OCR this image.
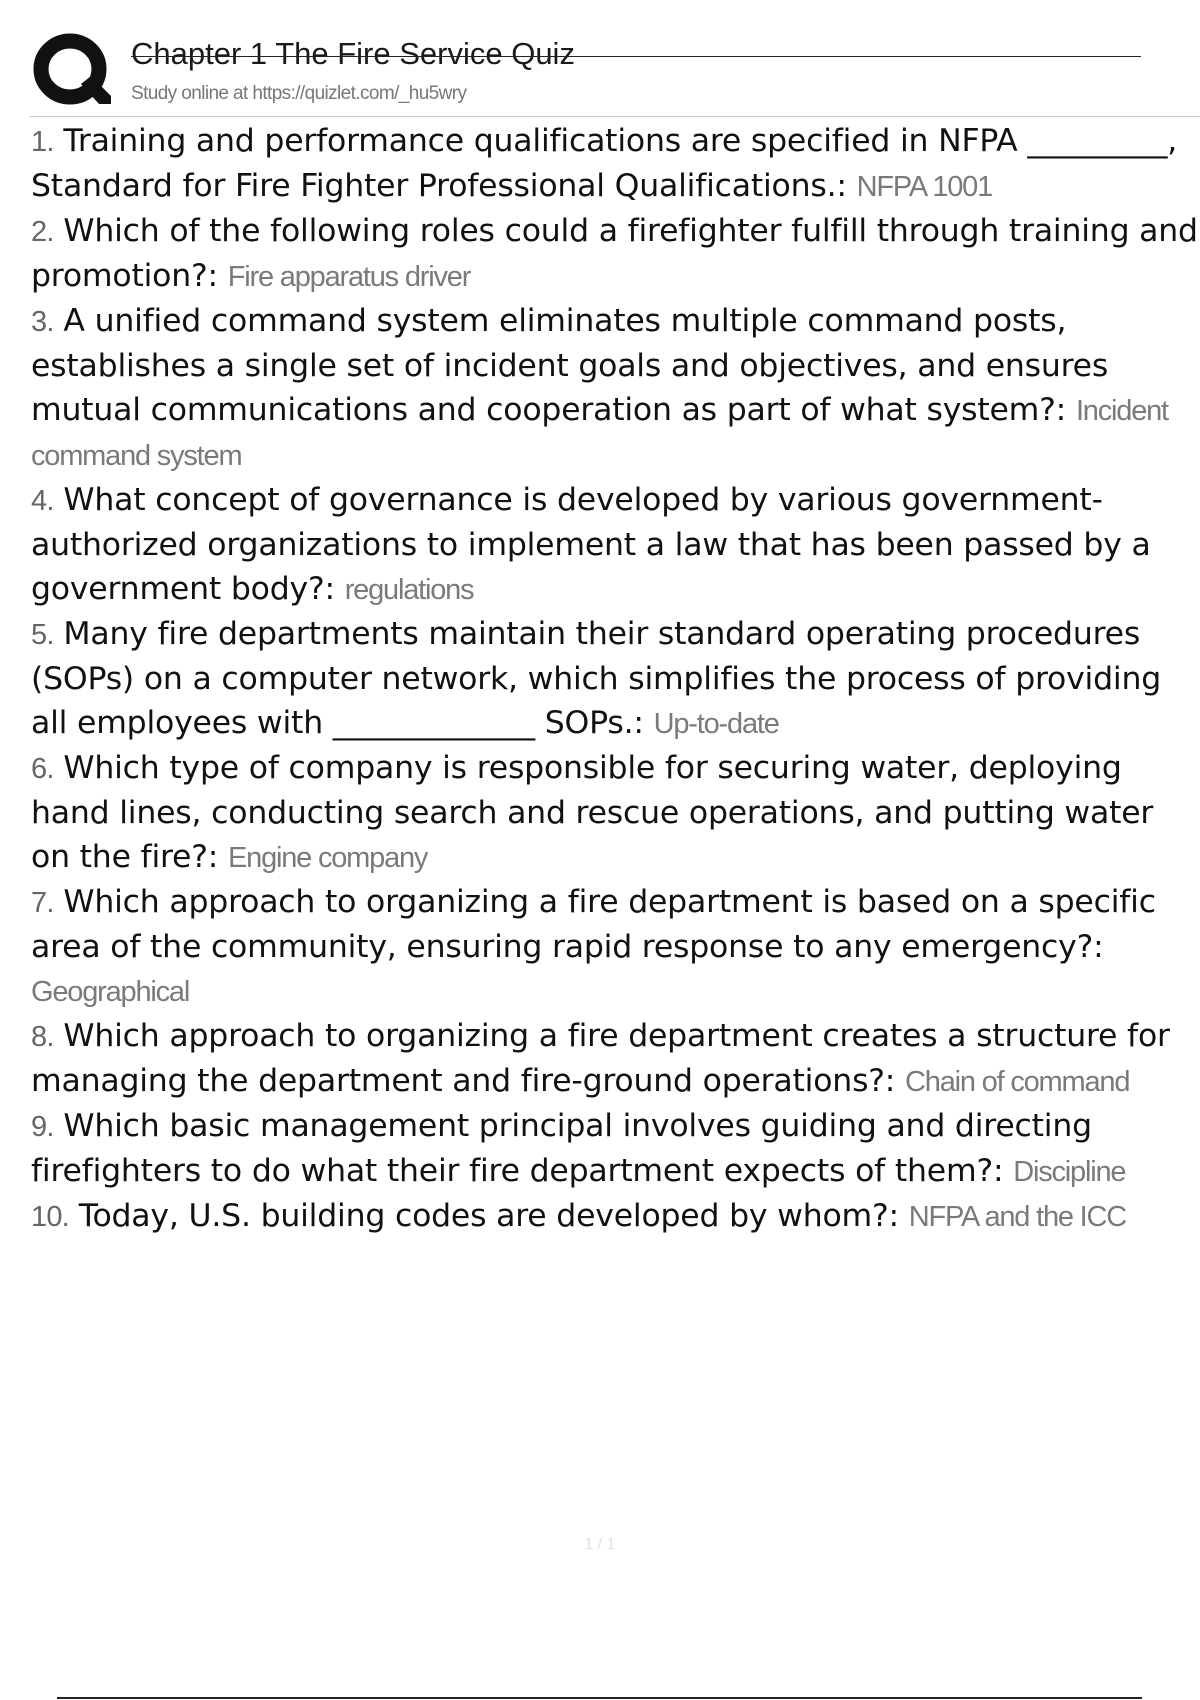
Chapter 1 The Fire Service Quiz
Study online at https://quizlet.com/_hu5wry
1. Training and performance qualifications are specified in NFPA _________, Standard for Fire Fighter Professional Qualifications.: NFPA 1001
2. Which of the following roles could a firefighter fulfill through training and promotion?: Fire apparatus driver
3. A unified command system eliminates multiple command posts, establishes a single set of incident goals and objectives, and ensures mutual communications and cooperation as part of what system?: Incident command system
4. What concept of governance is developed by various government-authorized organizations to implement a law that has been passed by a government body?: regulations
5. Many fire departments maintain their standard operating procedures (SOPs) on a computer network, which simplifies the process of providing all employees with _____________ SOPs.: Up-to-date
6. Which type of company is responsible for securing water, deploying hand lines, conducting search and rescue operations, and putting water on the fire?: Engine company
7. Which approach to organizing a fire department is based on a specific area of the community, ensuring rapid response to any emergency?: Geographical
8. Which approach to organizing a fire department creates a structure for managing the department and fire-ground operations?: Chain of command
9. Which basic management principal involves guiding and directing firefighters to do what their fire department expects of them?: Discipline
10. Today, U.S. building codes are developed by whom?: NFPA and the ICC
1 / 1
